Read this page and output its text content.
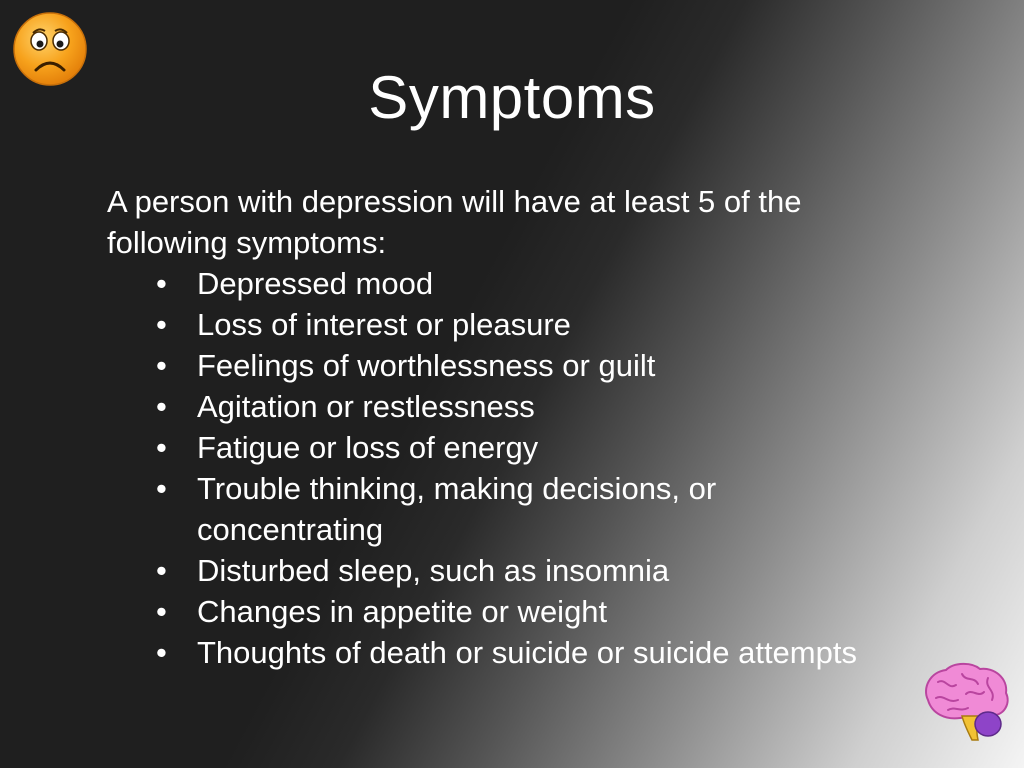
Symptoms

A person with depression will have at least 5 of the following symptoms:

• Depressed mood
• Loss of interest or pleasure
• Feelings of worthlessness or guilt
• Agitation or restlessness
• Fatigue or loss of energy
• Trouble thinking, making decisions, or concentrating
• Disturbed sleep, such as insomnia
• Changes in appetite or weight
• Thoughts of death or suicide or suicide attempts
